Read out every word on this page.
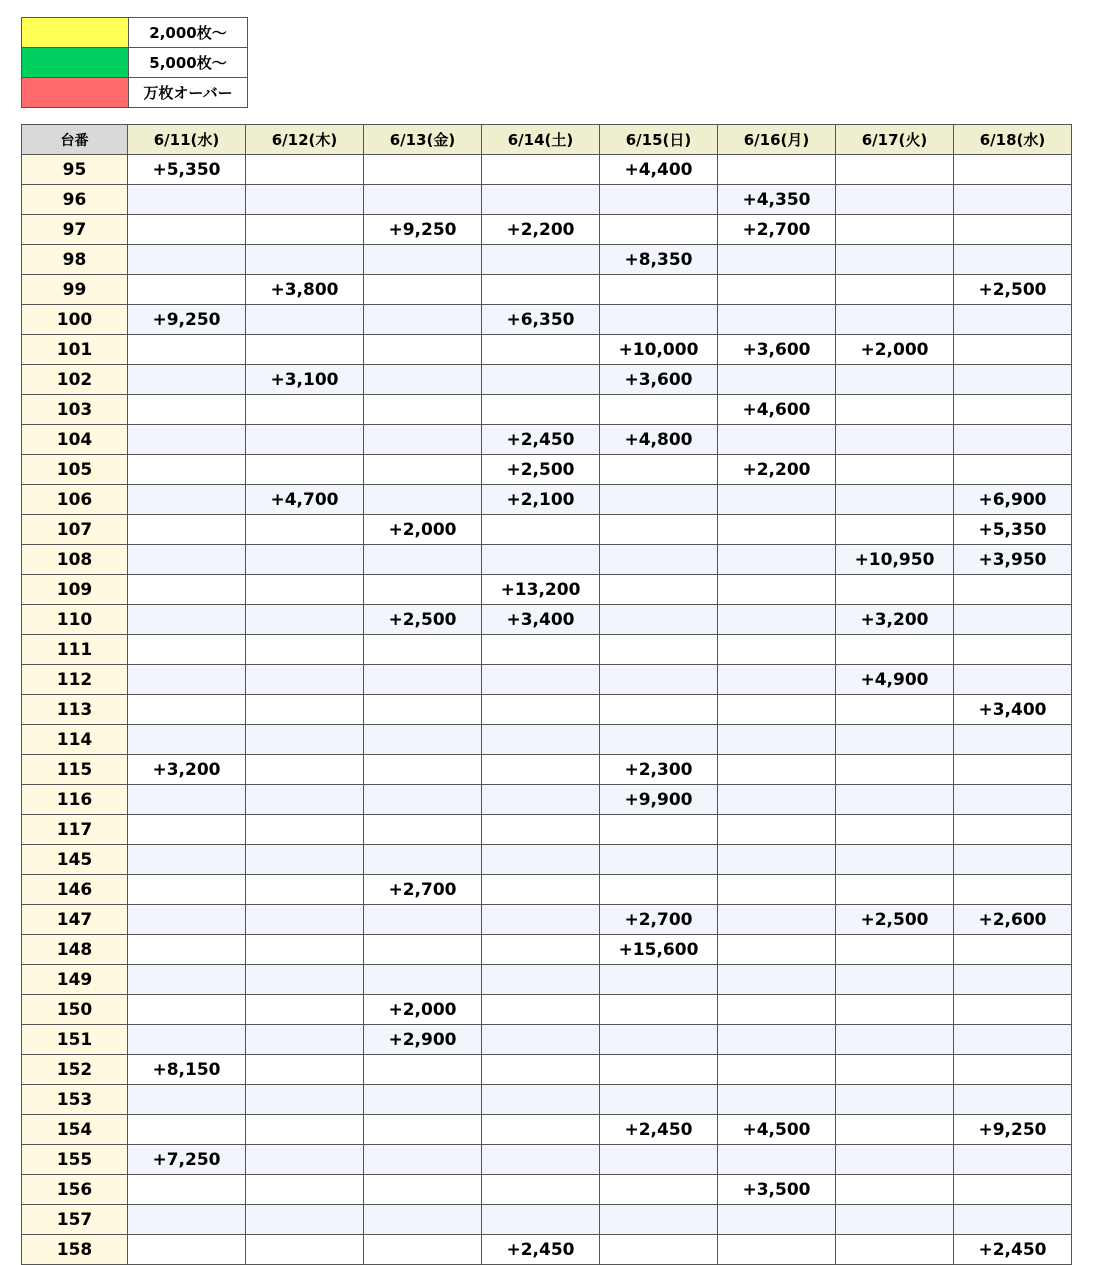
	2,000枚〜
	5,000枚〜
	万枚オーバー
台番	6/11(水)	6/12(木)	6/13(金)	6/14(土)	6/15(日)	6/16(月)	6/17(火)	6/18(水)
95	+5,350				+4,400			
96						+4,350		
97			+9,250	+2,200		+2,700		
98					+8,350			
99		+3,800						+2,500
100	+9,250			+6,350				
101					+10,000	+3,600	+2,000	
102		+3,100			+3,600			
103						+4,600		
104				+2,450	+4,800			
105				+2,500		+2,200		
106		+4,700		+2,100				+6,900
107			+2,000					+5,350
108							+10,950	+3,950
109				+13,200				
110			+2,500	+3,400			+3,200	
111								
112							+4,900	
113								+3,400
114								
115	+3,200				+2,300			
116					+9,900			
117								
145								
146			+2,700					
147					+2,700		+2,500	+2,600
148					+15,600			
149								
150			+2,000					
151			+2,900					
152	+8,150							
153								
154					+2,450	+4,500		+9,250
155	+7,250							
156						+3,500		
157								
158				+2,450				+2,450
